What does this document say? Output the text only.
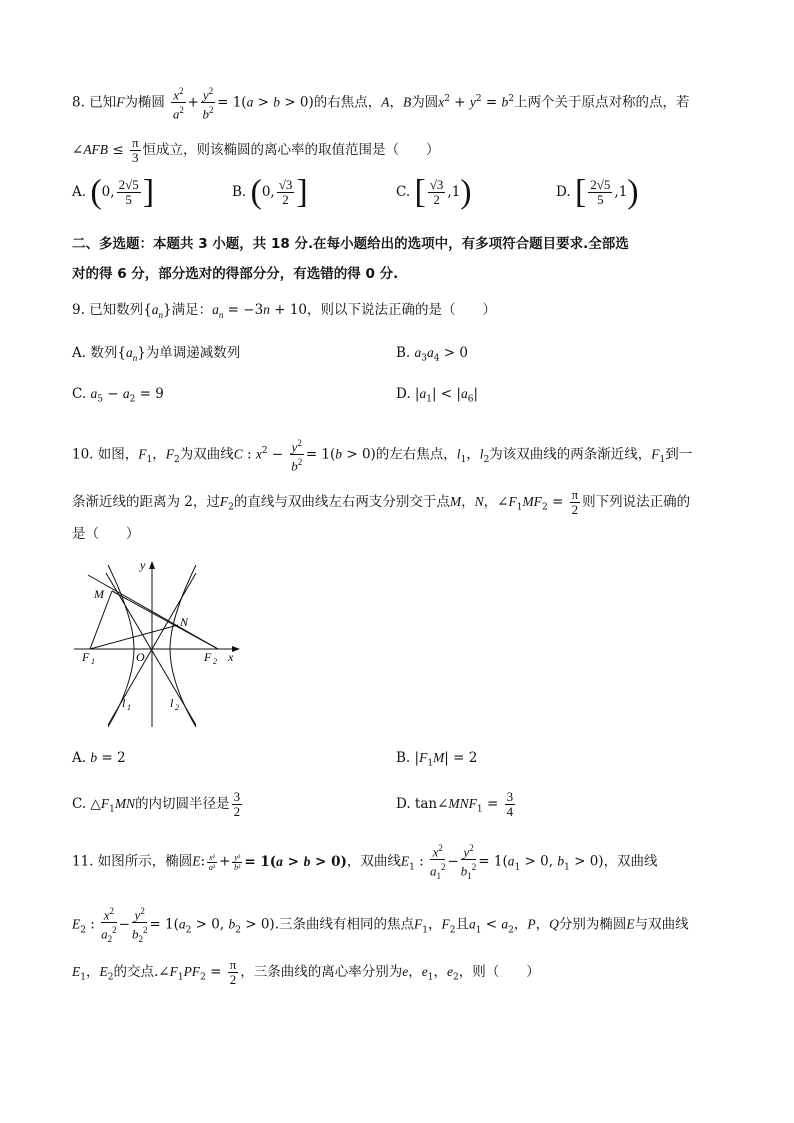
8. 已知F为椭圆 $\frac{x^2}{a^2} + \frac{y^2}{b^2} = 1(a > b > 0)$的右焦点，A，B为圆$x^2 + y^2 = b^2$上两个关于原点对称的点，若
∠AFB ≤ $\frac{\pi}{3}$ 恒成立，则该椭圆的离心率的取值范围是（　　）
A. (0, $\frac{2√5}{5}$ ]	B. (0, $\frac{√3}{2}$ ]	C. [ $\frac{√3}{2} ,1$)	D. [ $\frac{2√5}{5} ,1$)
二、多选题：本题共 3 小题，共 18 分.在每小题给出的选项中，有多项符合题目要求.全部选
对的得 6 分，部分选对的得部分分，有选错的得 0 分.
9. 已知数列$\{a_n\}$满足：$a_n = -3n + 10$，则以下说法正确的是（　　）
A. 数列$\{a_n\}$为单调递减数列	B. $a_3a_4 > 0$
C. $a_5 - a_2 = 9$	D. $|a_1| < |a_6|$
10. 如图，$F_1$，$F_2$为双曲线C : $x^2 - \frac{y^2}{b^2} = 1(b > 0)$的左右焦点，$l_1$，$l_2$为该双曲线的两条渐近线，$F_1$到一
条渐近线的距离为 2，过$F_2$的直线与双曲线左右两支分别交于点M，N，$\angle F_1MF_2 = \frac{\pi}{2}$ 则下列说法正确的
是（　　）
y
x
M
N
O
F 1	F 2
l 1	l 2
A. b = 2	B. $|F_1M| = 2$
C. $\triangle F_1MN$的内切圆半径是 $\frac{3}{2}$	D. $\tan\angle MNF_1 = \frac{3}{4}$
11. 如图所示，椭圆E: $\frac{\text{x²}}{\text{a²}} + \frac{\text{y²}}{\text{b²}} = 1(a > b > 0)$，双曲线$E_1$ : $\frac{x^2}{a_1^2} - \frac{y^2}{b_1^2} = 1(a_1 > 0$, $b_1 > 0$)，双曲线
$E_2$ : $\frac{x^2}{a_2^2} - \frac{y^2}{b_2^2} = 1(a_2 > 0$, $b_2 > 0$).三条曲线有相同的焦点$F_1$，$F_2$且$a_1 < a_2$，P，Q分别为椭圆E与双曲线
$E_1$，$E_2$的交点$.\angle F_1PF_2 = \frac{\pi}{2}$ ，三条曲线的离心率分别为e，$e_1$，$e_2$，则（　　）
